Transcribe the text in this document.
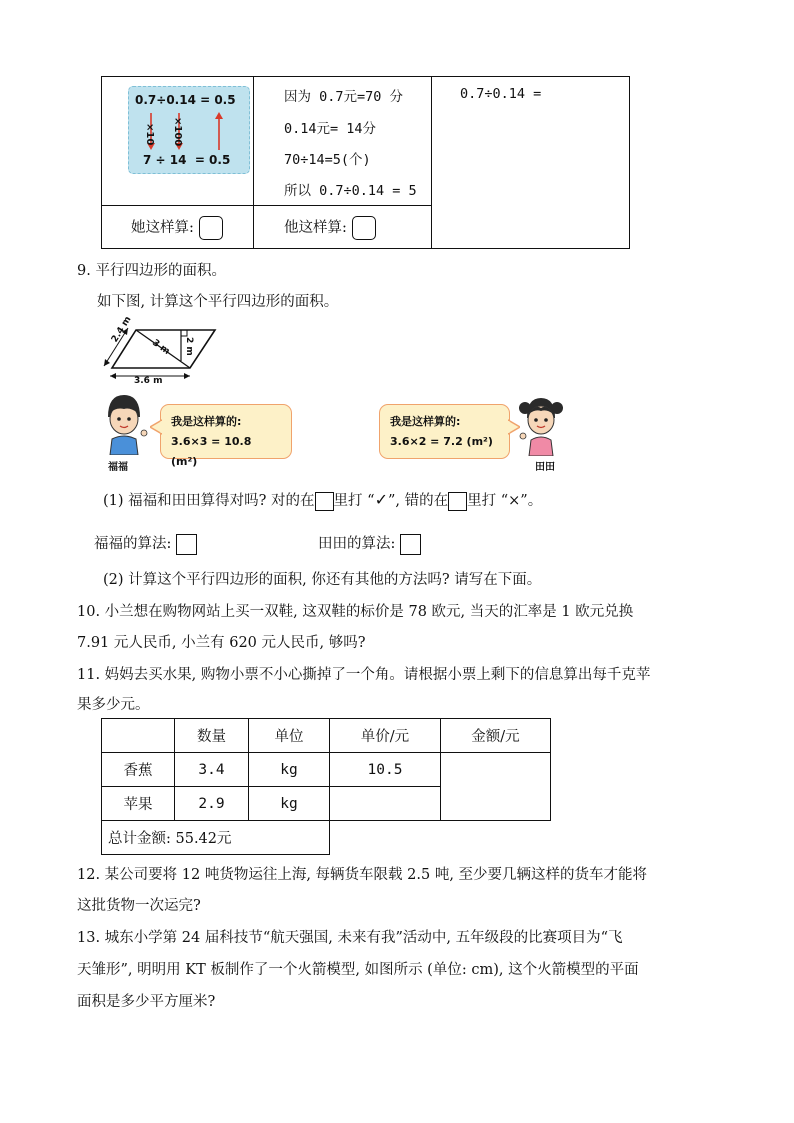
0.7÷0.14 = 0.5
×10 ×100
7 ÷ 14  = 0.5
因为 0.7元=70 分
0.14元= 14分
70÷14=5(个)
所以 0.7÷0.14 = 5
0.7÷0.14 =
她这样算:	他这样算:
9. 平行四边形的面积。
如下图, 计算这个平行四边形的面积。
2.4 m
3 m 2 m
3.6 m
福福
我是这样算的:
3.6×3 = 10.8 (m²)
我是这样算的:
3.6×2 = 7.2 (m²)
田田
(1) 福福和田田算得对吗? 对的在 里打 “✓”, 错的在 里打 “×”。
福福的算法:	田田的算法:
(2) 计算这个平行四边形的面积, 你还有其他的方法吗? 请写在下面。
10. 小兰想在购物网站上买一双鞋, 这双鞋的标价是 78 欧元, 当天的汇率是 1 欧元兑换
7.91 元人民币, 小兰有 620 元人民币, 够吗?
11. 妈妈去买水果, 购物小票不小心撕掉了一个角。请根据小票上剩下的信息算出每千克苹
果多少元。
	数量	单位	单价/元	金额/元
香蕉	3.4	kg	10.5	
苹果	2.9	kg		
总计金额: 55.42元				
12. 某公司要将 12 吨货物运往上海, 每辆货车限载 2.5 吨, 至少要几辆这样的货车才能将
这批货物一次运完?
13. 城东小学第 24 届科技节“航天强国, 未来有我”活动中, 五年级段的比赛项目为“飞
天雏形”, 明明用 KT 板制作了一个火箭模型, 如图所示 (单位: cm), 这个火箭模型的平面
面积是多少平方厘米?
